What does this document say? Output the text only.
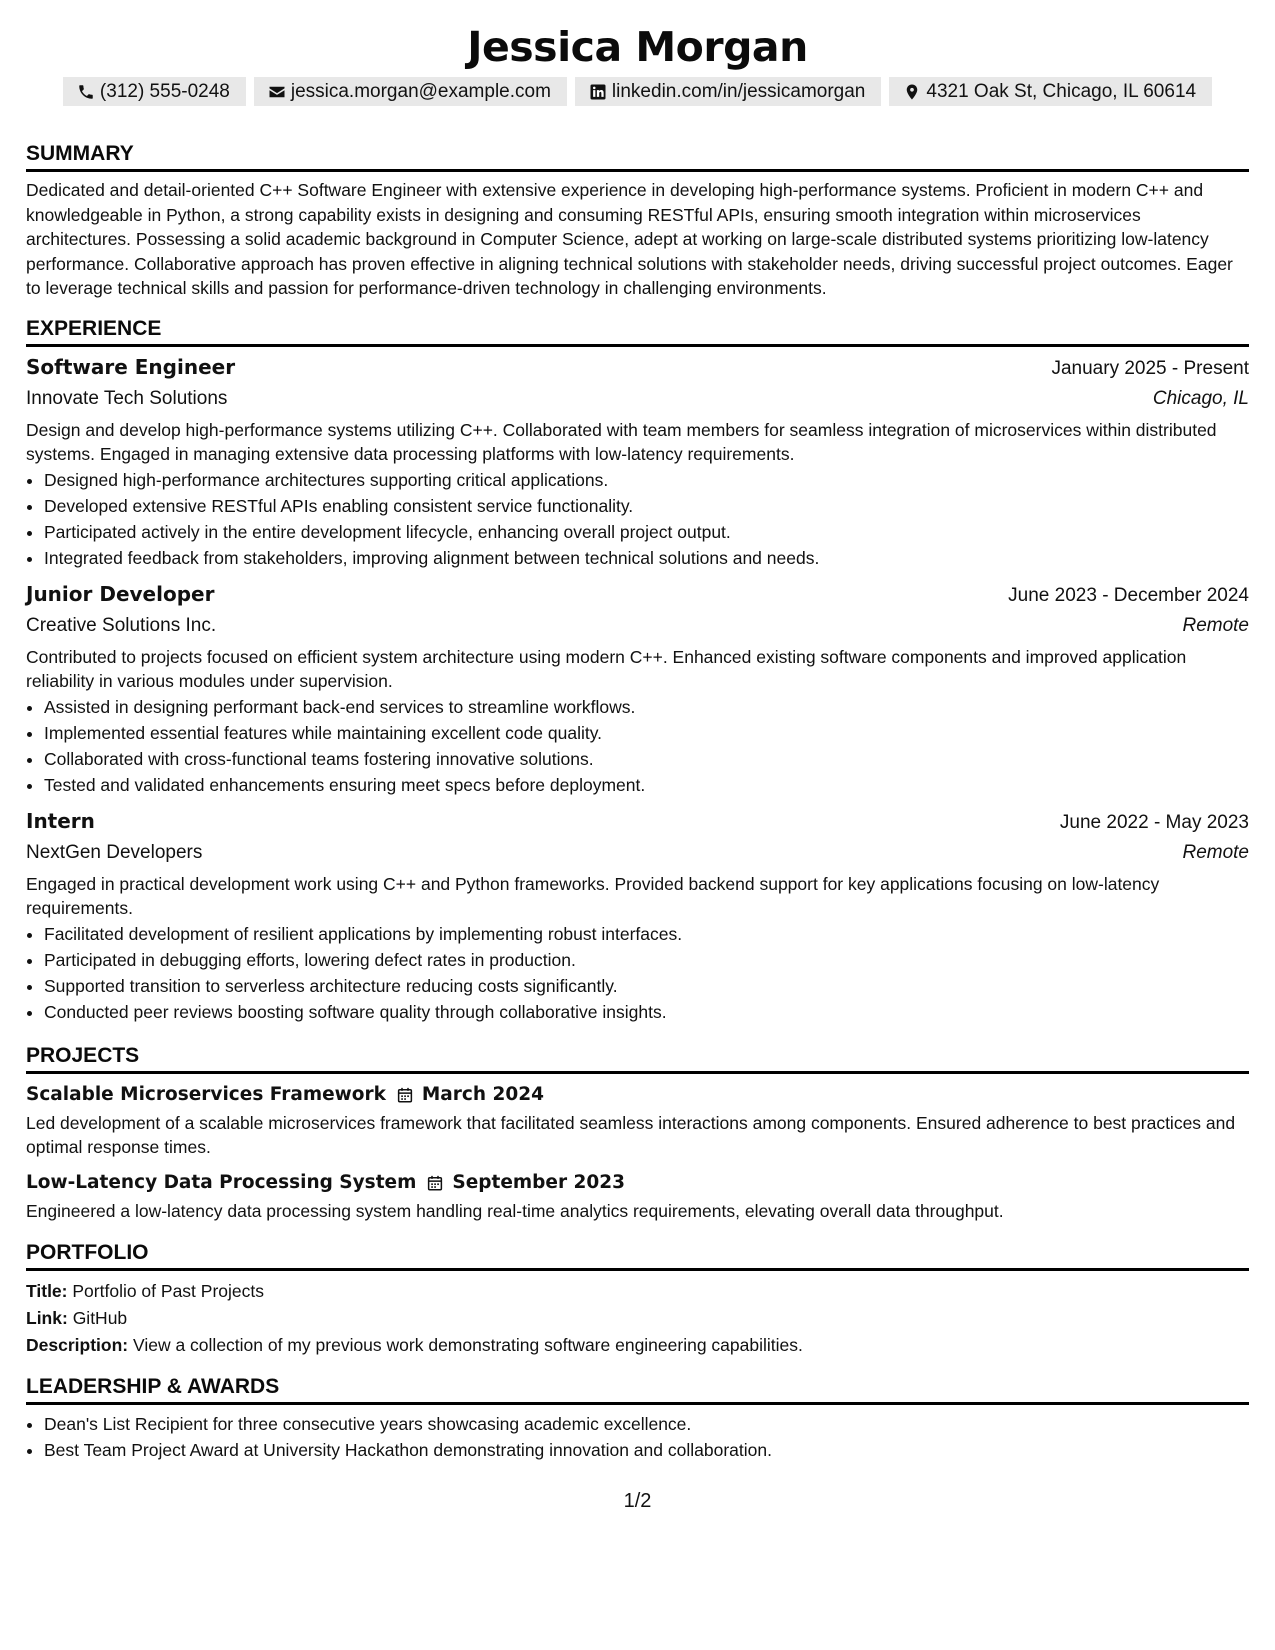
Jessica Morgan
(312) 555-0248	jessica.morgan@example.com	linkedin.com/in/jessicamorgan	4321 Oak St, Chicago, IL 60614
SUMMARY

Dedicated and detail-oriented C++ Software Engineer with extensive experience in developing high-performance systems. Proficient in modern C++ and knowledgeable in Python, a strong capability exists in designing and consuming RESTful APIs, ensuring smooth integration within microservices architectures. Possessing a solid academic background in Computer Science, adept at working on large-scale distributed systems prioritizing low-latency performance. Collaborative approach has proven effective in aligning technical solutions with stakeholder needs, driving successful project outcomes. Eager to leverage technical skills and passion for performance-driven technology in challenging environments.

EXPERIENCE
Software Engineer	January 2025 - Present
Innovate Tech Solutions	Chicago, IL

Design and develop high-performance systems utilizing C++. Collaborated with team members for seamless integration of microservices within distributed systems. Engaged in managing extensive data processing platforms with low-latency requirements.

• Designed high-performance architectures supporting critical applications.
• Developed extensive RESTful APIs enabling consistent service functionality.
• Participated actively in the entire development lifecycle, enhancing overall project output.
• Integrated feedback from stakeholders, improving alignment between technical solutions and needs.
Junior Developer	June 2023 - December 2024
Creative Solutions Inc.	Remote

Contributed to projects focused on efficient system architecture using modern C++. Enhanced existing software components and improved application reliability in various modules under supervision.

• Assisted in designing performant back-end services to streamline workflows.
• Implemented essential features while maintaining excellent code quality.
• Collaborated with cross-functional teams fostering innovative solutions.
• Tested and validated enhancements ensuring meet specs before deployment.
Intern	June 2022 - May 2023
NextGen Developers	Remote

Engaged in practical development work using C++ and Python frameworks. Provided backend support for key applications focusing on low-latency requirements.

• Facilitated development of resilient applications by implementing robust interfaces.
• Participated in debugging efforts, lowering defect rates in production.
• Supported transition to serverless architecture reducing costs significantly.
• Conducted peer reviews boosting software quality through collaborative insights.
PROJECTS
Scalable Microservices Framework March 2024

Led development of a scalable microservices framework that facilitated seamless interactions among components. Ensured adherence to best practices and optimal response times.

Low-Latency Data Processing System September 2023

Engineered a low-latency data processing system handling real-time analytics requirements, elevating overall data throughput.

PORTFOLIO
Title: Portfolio of Past Projects
Link: GitHub
Description: View a collection of my previous work demonstrating software engineering capabilities.
LEADERSHIP & AWARDS
• Dean's List Recipient for three consecutive years showcasing academic excellence.
• Best Team Project Award at University Hackathon demonstrating innovation and collaboration.
1/2
